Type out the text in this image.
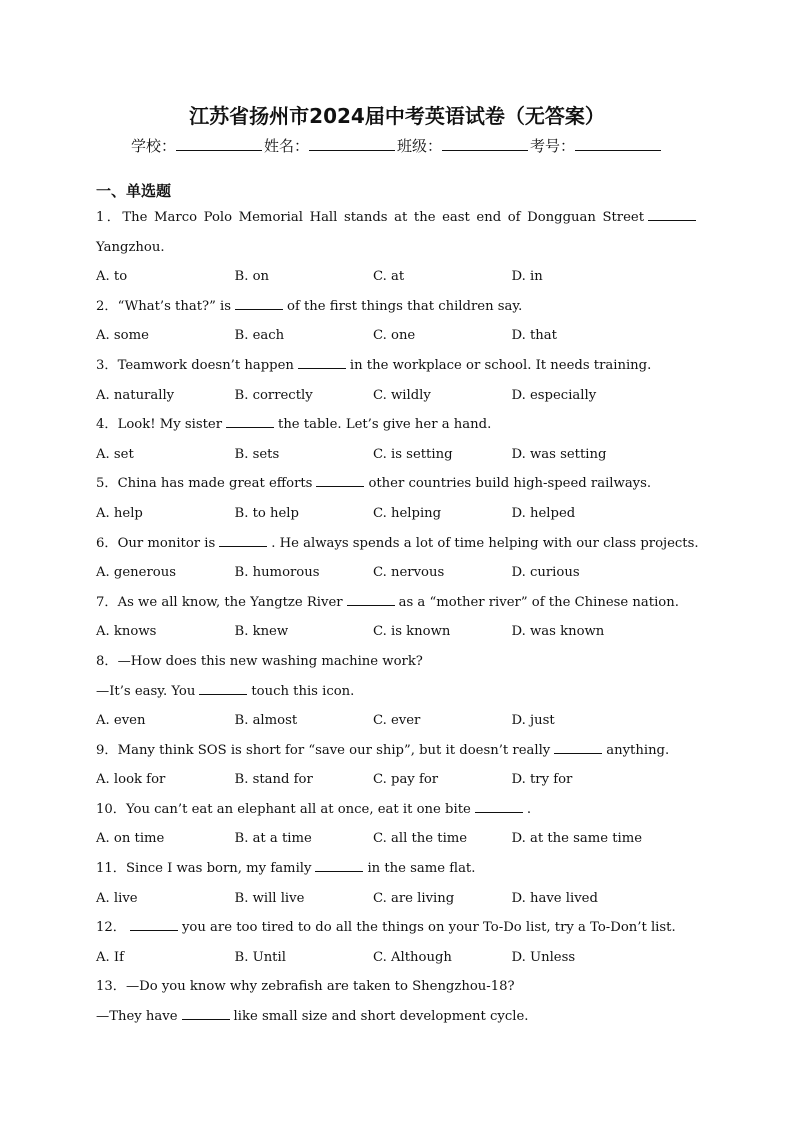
江苏省扬州市2024届中考英语试卷（无答案）
学校：	姓名：	班级：	考号：
一、单选题
1．The Marco Polo Memorial Hall stands at the east end of Dongguan Street
Yangzhou.
A. to	B. on	C. at	D. in
2．“What’s that?” is	of the first things that children say.
A. some	B. each	C. one	D. that
3．Teamwork doesn’t happen	in the workplace or school. It needs training.
A. naturally	B. correctly	C. wildly	D. especially
4．Look! My sister	the table. Let’s give her a hand.
A. set	B. sets	C. is setting	D. was setting
5．China has made great efforts	other countries build high-speed railways.
A. help	B. to help	C. helping	D. helped
6．Our monitor is	. He always spends a lot of time helping with our class projects.
A. generous	B. humorous	C. nervous	D. curious
7．As we all know, the Yangtze River	as a “mother river” of the Chinese nation.
A. knows	B. knew	C. is known	D. was known
8．—How does this new washing machine work?
—It’s easy. You	touch this icon.
A. even	B. almost	C. ever	D. just
9．Many think SOS is short for “save our ship”, but it doesn’t really	anything.
A. look for	B. stand for	C. pay for	D. try for
10．You can’t eat an elephant all at once, eat it one bite	.
A. on time	B. at a time	C. all the time	D. at the same time
11．Since I was born, my family	in the same flat.
A. live	B. will live	C. are living	D. have lived
12．	you are too tired to do all the things on your To-Do list, try a To-Don’t list.
A. If	B. Until	C. Although	D. Unless
13．—Do you know why zebrafish are taken to Shengzhou-18?
—They have	like small size and short development cycle.
